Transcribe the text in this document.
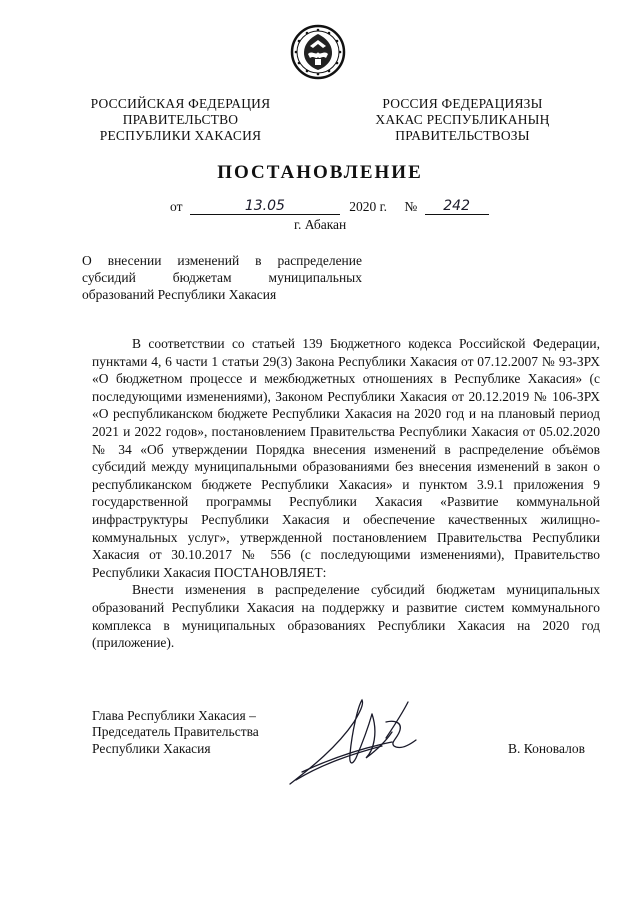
РОССИЙСКАЯ ФЕДЕРАЦИЯ
ПРАВИТЕЛЬСТВО
РЕСПУБЛИКИ ХАКАСИЯ
РОССИЯ ФЕДЕРАЦИЯЗЫ
ХАКАС РЕСПУБЛИКАНЫҢ
ПРАВИТЕЛЬСТВОЗЫ
ПОСТАНОВЛЕНИЕ
от	13.05	2020 г. №	242
г. Абакан
О внесении изменений в распределение
субсидий бюджетам муниципальных
образований Республики Хакасия

В соответствии со статьей 139 Бюджетного кодекса Российской Федерации, пунктами 4, 6 части 1 статьи 29(3) Закона Республики Хакасия от 07.12.2007 № 93-ЗРХ «О бюджетном процессе и межбюджетных отношениях в Республике Хакасия» (с последующими изменениями), Законом Республики Хакасия от 20.12.2019 № 106-ЗРХ «О республиканском бюджете Республики Хакасия на 2020 год и на плановый период 2021 и 2022 годов», постановлением Правительства Республики Хакасия от 05.02.2020 № 34 «Об утверждении Порядка внесения изменений в распределение объёмов субсидий между муниципальными образованиями без внесения изменений в закон о республиканском бюджете Республики Хакасия» и пунктом 3.9.1 приложения 9 государственной программы Республики Хакасия «Развитие коммунальной инфраструктуры Республики Хакасия и обеспечение качественных жилищно-коммунальных услуг», утвержденной постановлением Правительства Республики Хакасия от 30.10.2017 № 556 (с последующими изменениями), Правительство Республики Хакасия ПОСТАНОВЛЯЕТ:

Внести изменения в распределение субсидий бюджетам муниципальных образований Республики Хакасия на поддержку и развитие систем коммунального комплекса в муниципальных образованиях Республики Хакасия на 2020 год (приложение).

Глава Республики Хакасия –
Председатель Правительства
Республики Хакасия	В. Коновалов
